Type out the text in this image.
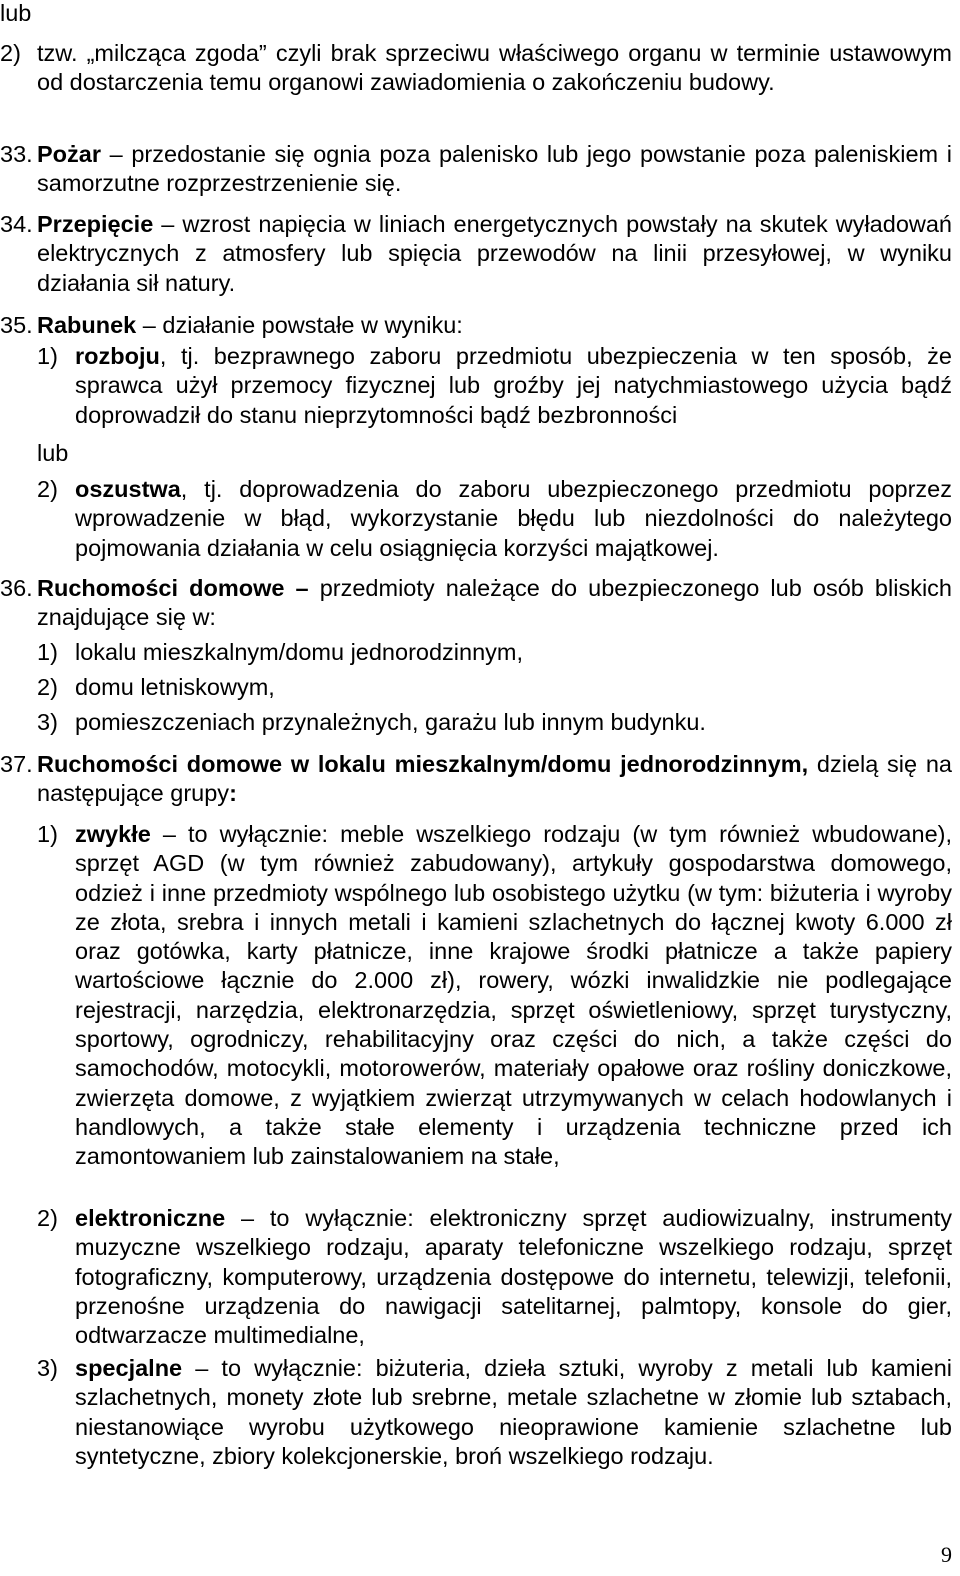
lub
2) tzw. „milcząca zgoda” czyli brak sprzeciwu właściwego organu w terminie ustawowym od dostarczenia temu organowi zawiadomienia o zakończeniu budowy.
33. Pożar – przedostanie się ognia poza palenisko lub jego powstanie poza paleniskiem i samorzutne rozprzestrzenienie się.
34. Przepięcie – wzrost napięcia w liniach energetycznych powstały na skutek wyładowań elektrycznych z atmosfery lub spięcia przewodów na linii przesyłowej, w wyniku działania sił natury.
35. Rabunek – działanie powstałe w wyniku:
1) rozboju, tj. bezprawnego zaboru przedmiotu ubezpieczenia w ten sposób, że sprawca użył przemocy fizycznej lub groźby jej natychmiastowego użycia bądź doprowadził do stanu nieprzytomności bądź bezbronności
lub
2) oszustwa, tj. doprowadzenia do zaboru ubezpieczonego przedmiotu poprzez wprowadzenie w błąd, wykorzystanie błędu lub niezdolności do należytego pojmowania działania w celu osiągnięcia korzyści majątkowej.
36. Ruchomości domowe – przedmioty należące do ubezpieczonego lub osób bliskich znajdujące się w:
1) lokalu mieszkalnym/domu jednorodzinnym,
2) domu letniskowym,
3) pomieszczeniach przynależnych, garażu lub innym budynku.
37. Ruchomości domowe w lokalu mieszkalnym/domu jednorodzinnym, dzielą się na następujące grupy:
1) zwykłe – to wyłącznie: meble wszelkiego rodzaju (w tym również wbudowane), sprzęt AGD (w tym również zabudowany), artykuły gospodarstwa domowego, odzież i inne przedmioty wspólnego lub osobistego użytku (w tym: biżuteria i wyroby ze złota, srebra i innych metali i kamieni szlachetnych do łącznej kwoty 6.000 zł oraz gotówka, karty płatnicze, inne krajowe środki płatnicze a także papiery wartościowe łącznie do 2.000 zł), rowery, wózki inwalidzkie nie podlegające rejestracji, narzędzia, elektronarzędzia, sprzęt oświetleniowy, sprzęt turystyczny, sportowy, ogrodniczy, rehabilitacyjny oraz części do nich, a także części do samochodów, motocykli, motorowerów, materiały opałowe oraz rośliny doniczkowe, zwierzęta domowe, z wyjątkiem zwierząt utrzymywanych w celach hodowlanych i handlowych, a także stałe elementy i urządzenia techniczne przed ich zamontowaniem lub zainstalowaniem na stałe,
2) elektroniczne – to wyłącznie: elektroniczny sprzęt audiowizualny, instrumenty muzyczne wszelkiego rodzaju, aparaty telefoniczne wszelkiego rodzaju, sprzęt fotograficzny, komputerowy, urządzenia dostępowe do internetu, telewizji, telefonii, przenośne urządzenia do nawigacji satelitarnej, palmtopy, konsole do gier, odtwarzacze multimedialne,
3) specjalne – to wyłącznie: biżuteria, dzieła sztuki, wyroby z metali lub kamieni szlachetnych, monety złote lub srebrne, metale szlachetne w złomie lub sztabach, niestanowiące wyrobu użytkowego nieoprawione kamienie szlachetne lub syntetyczne, zbiory kolekcjonerskie, broń wszelkiego rodzaju.
9
